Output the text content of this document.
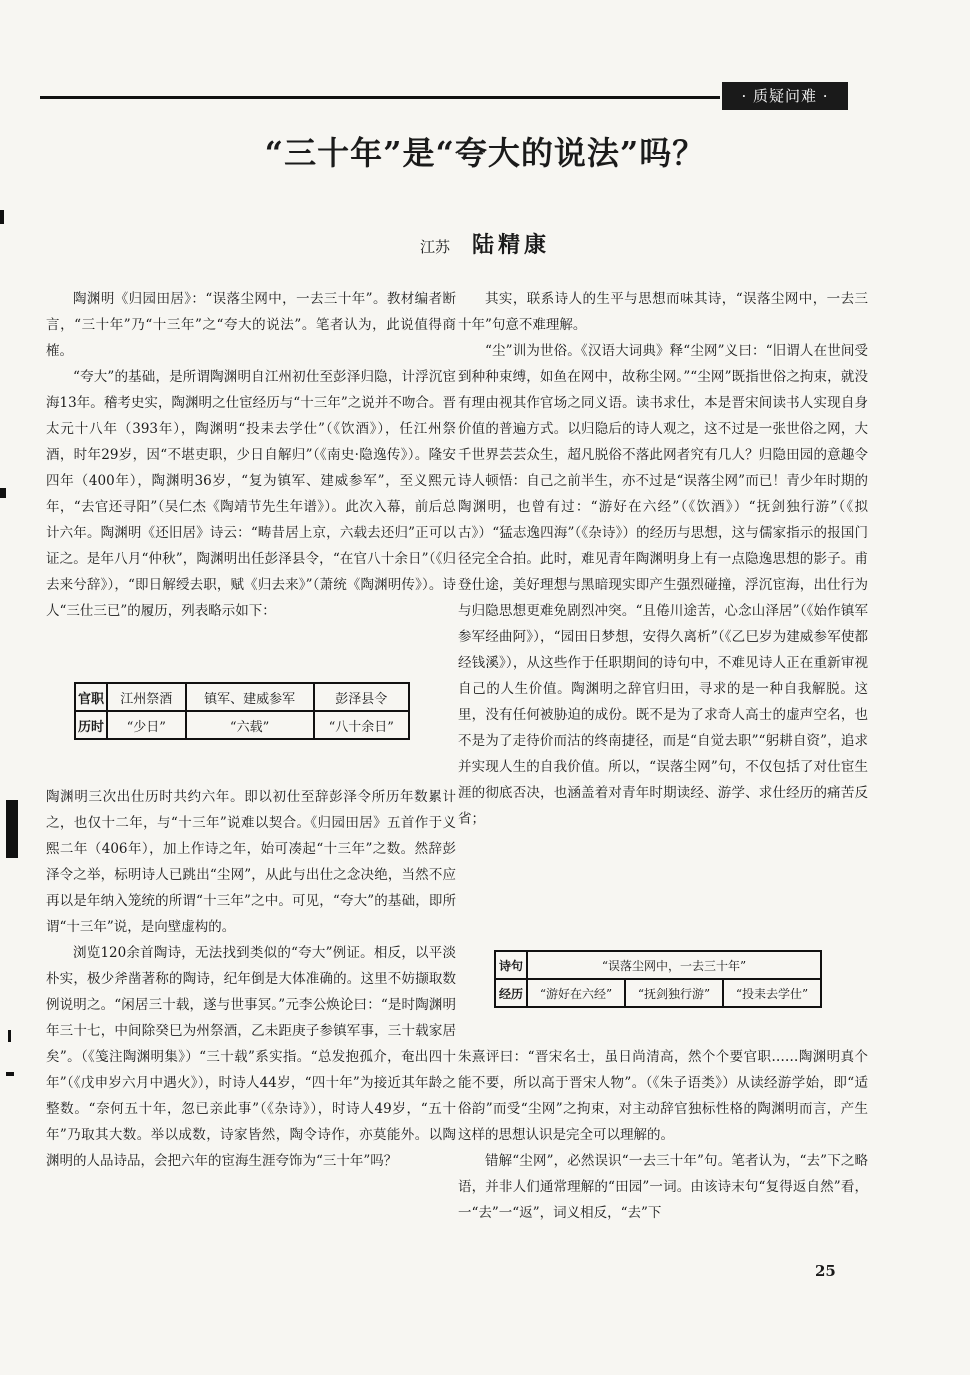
· 质疑问难 ·
“三十年”是“夸大的说法”吗？
江苏 陆精康

陶渊明《归园田居》：“误落尘网中，一去三十年”。教材编者断言，“三十年”乃“十三年”之“夸大的说法”。笔者认为，此说值得商榷。

“夸大”的基础，是所谓陶渊明自江州初仕至彭泽归隐，计浮沉宦海13年。稽考史实，陶渊明之仕宦经历与“十三年”之说并不吻合。晋太元十八年（393年），陶渊明“投耒去学仕”（《饮酒》），任江州祭酒，时年29岁，因“不堪吏职，少日自解归”（《南史·隐逸传》）。隆安四年（400年），陶渊明36岁，“复为镇军、建威参军”，至义熙元年，“去官还寻阳”（吴仁杰《陶靖节先生年谱》）。此次入幕，前后总计六年。陶渊明《还旧居》诗云：“畴昔居上京，六载去还归”正可以证之。是年八月“仲秋”，陶渊明出任彭泽县令，“在官八十余日”（《归去来兮辞》），“即日解绶去职，赋《归去来》”（萧统《陶渊明传》）。诗人“三仕三已”的履历，列表略示如下：

官职	江州祭酒	镇军、建威参军	彭泽县令
历时	“少日”	“六载”	“八十余日”

陶渊明三次出仕历时共约六年。即以初仕至辞彭泽令所历年数累计之，也仅十二年，与“十三年”说难以契合。《归园田居》五首作于义熙二年（406年），加上作诗之年，始可凑起“十三年”之数。然辞彭泽令之举，标明诗人已跳出“尘网”，从此与出仕之念决绝，当然不应再以是年纳入笼统的所谓“十三年”之中。可见，“夸大”的基础，即所谓“十三年”说，是向壁虚构的。

浏览120余首陶诗，无法找到类似的“夸大”例证。相反，以平淡朴实，极少斧凿著称的陶诗，纪年倒是大体准确的。这里不妨撷取数例说明之。“闲居三十载，遂与世事冥。”元李公焕论曰：“是时陶渊明年三十七，中间除癸巳为州祭酒，乙未距庚子参镇军事，三十载家居矣”。（《笺注陶渊明集》）“三十载”系实指。“总发抱孤介，奄出四十年”（《戊申岁六月中遇火》），时诗人44岁，“四十年”为接近其年龄之整数。“奈何五十年，忽已亲此事”（《杂诗》），时诗人49岁，“五十年”乃取其大数。举以成数，诗家皆然，陶令诗作，亦莫能外。以陶渊明的人品诗品，会把六年的宦海生涯夸饰为“三十年”吗？

其实，联系诗人的生平与思想而味其诗，“误落尘网中，一去三十年”句意不难理解。

“尘”训为世俗。《汉语大词典》释“尘网”义曰：“旧谓人在世间受到种种束缚，如鱼在网中，故称尘网。”“尘网”既指世俗之拘束，就没有理由视其作官场之同义语。读书求仕，本是晋宋间读书人实现自身价值的普遍方式。以归隐后的诗人观之，这不过是一张世俗之网，大千世界芸芸众生，超凡脱俗不落此网者究有几人？归隐田园的意趣令诗人顿悟：自己之前半生，亦不过是“误落尘网”而已！青少年时期的陶渊明，也曾有过：“游好在六经”（《饮酒》）“抚剑独行游”（《拟古》）“猛志逸四海”（《杂诗》）的经历与思想，这与儒家指示的报国门径完全合拍。此时，难见青年陶渊明身上有一点隐逸思想的影子。甫登仕途，美好理想与黑暗现实即产生强烈碰撞，浮沉宦海，出仕行为与归隐思想更难免剧烈冲突。“且倦川途苦，心念山泽居”（《始作镇军参军经曲阿》），“园田日梦想，安得久离析”（《乙巳岁为建威参军使都经钱溪》），从这些作于任职期间的诗句中，不难见诗人正在重新审视自己的人生价值。陶渊明之辞官归田，寻求的是一种自我解脱。这里，没有任何被胁迫的成份。既不是为了求奇人高士的虚声空名，也不是为了走待价而沽的终南捷径，而是“自觉去职”“躬耕自资”，追求并实现人生的自我价值。所以，“误落尘网”句，不仅包括了对仕宦生涯的彻底否决，也涵盖着对青年时期读经、游学、求仕经历的痛苦反省；

诗句	“误落尘网中，一去三十年”		
经历	“游好在六经”	“抚剑独行游”	“投耒去学仕”

朱熹评曰：“晋宋名士，虽日尚清高，然个个要官职……陶渊明真个能不要，所以高于晋宋人物”。（《朱子语类》）从读经游学始，即“适俗韵”而受“尘网”之拘束，对主动辞官独标性格的陶渊明而言，产生这样的思想认识是完全可以理解的。

错解“尘网”，必然误识“一去三十年”句。笔者认为，“去”下之略语，并非人们通常理解的“田园”一词。由该诗末句“复得返自然”看，一“去”一“返”，词义相反，“去”下

25
